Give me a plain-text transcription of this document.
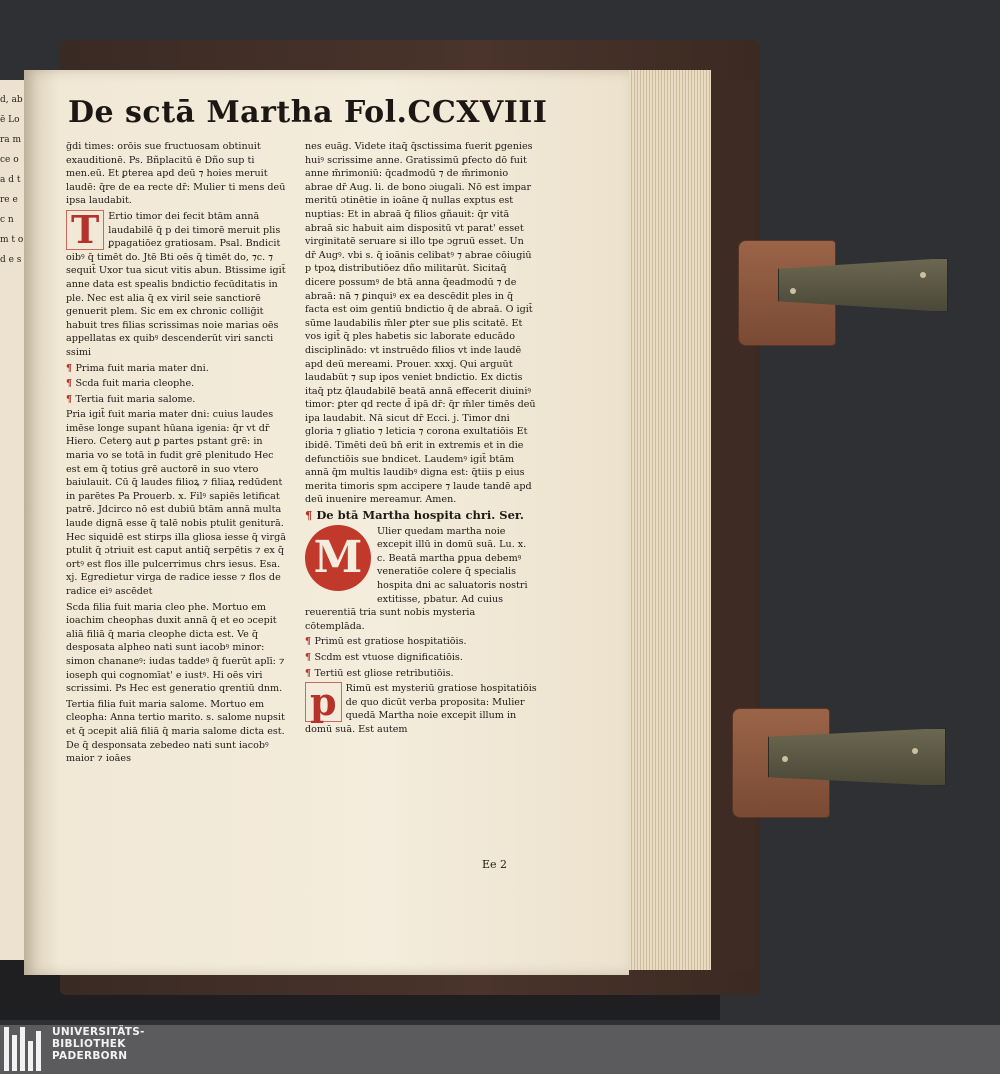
d, ab ē Lo ra m ce o a d t re e c n m t o d e s
De sctā Martha Fol.CCXVIII

ḡdi times: orōis sue fructuosam obtinuit exauditionē. Ps. Bñplacitū ē Dño sup ti men.eū. Et ꝑterea apd deū ⁊ hoies meruit laudē: q̄re de ea recte dr̄: Mulier ti mens deū ipsa laudabit.

T Ertio timor dei fecit btām annā laudabilē q̄ p dei timorē meruit plis ꝑpagatiōez gratiosam. Psal. Bndicit oibꝰ q̄ timēt do. Jtē Bti oēs q̄ timēt do, ⁊c. ⁊ sequit̄ Uxor tua sicut vitis abun. Btissime igit̄ anne data est spealis bndictio fecūditatis in ple. Nec est alia q̄ ex viril seie sanctiorē genuerit plem. Sic em ex chronic collig̃it habuit tres filias scrissimas noie marias oēs appellatas ex quibꝰ descenderūt viri sancti ssimi

¶ Prima fuit maria mater dni.

¶ Scda fuit maria cleophe.

¶ Tertia fuit maria salome.

Pria igit̄ fuit maria mater dni: cuius laudes imēse longe supant hūana igenia: q̄r vt dr̄ Hiero. Ceterꝯ aut ꝑ partes pstant grē: in maria vo se totā in fudit grē plenitudo Hec est em q̄ totius grē auctorē in suo vtero baiulauit. Cū q̄ laudes filioꝝ ⁊ filiaꝝ redūdent in parētes Pa Prouerb. x. Filꝰ sapiēs letificat patrē. Jdcirco nō est dubiū btām annā multa laude dignā esse q̄ talē nobis ptulit geniturā. Hec siquidē est stirps illa gliosa iesse q̄ virgā ptulit q̄ ɔtriuit est caput antiq̄ serpētis ⁊ ex q̄ ortꝰ est flos ille pulcerrimus chrs iesus. Esa. xj. Egredietur virga de radice iesse ⁊ flos de radice eiꝰ ascēdet

Scda filia fuit maria cleo phe. Mortuo em ioachim cheophas duxit annā q̄ et eo ɔcepit aliā filiā q̄ maria cleophe dicta est. Ve q̄ desposata alpheo nati sunt iacobꝰ minor: simon chananeꝰ: iudas taddeꝰ q̄ fuerūt aplī: ⁊ ioseph qui cognomīat' e iustꝰ. Hi oēs viri scrissimi. Ps Hec est generatio qrentiū dnm.

Tertia filia fuit maria salome. Mortuo em cleopha: Anna tertio marito. s. salome nupsit et q̄ ɔcepit aliā filiā q̄ maria salome dicta est. De q̄ desponsata zebedeo nati sunt iacobꝰ maior ⁊ ioāes

nes euāg. Videte itaq̄ q̄sctissima fuerit ꝑgenies huiꝰ scrissime anne. Gratissimū ꝑfecto dō fuit anne m̄rimoniū: q̄cadmodū ⁊ de m̄rimonio abrae dr̄ Aug. li. de bono ɔiugali. Nō est impar meritū ɔtinētie in ioāne q̄ nullas exptus est nuptias: Et in abraā q̄ filios gñauit: q̄r vitā abraā sic habuit aim dispositū vt parat' esset virginitatē seruare si illo tpe ɔgruū esset. Un dr̄ Augꝰ. vbi s. q̄ ioānis celibatꝰ ⁊ abrae cōiugiū p tpoꝝ distributiōez dño militarūt. Sicitaq̄ dicere possumꝰ de btā anna q̄eadmodū ⁊ de abraā: nā ⁊ ꝑinquiꝰ ex ea descēdit ples in q̄ facta est oim gentiū bndictio q̄ de abraā. O igit̄ sūme laudabilis m̄ler ꝑter sue plis scitatē. Et vos igit̄ q̄ ples habetis sic laborate educādo disciplinādo: vt instruēdo filios vt inde laudē apd deū mereami. Prouer. xxxj. Qui arguūt laudabūt ⁊ sup ipos veniet bndictio. Ex dictis itaq̄ ptz q̄laudabilē beatā annā effecerit diuiniꝰ timor: ꝑter qd recte d̄ ipā dr̄: q̄r m̄ler timēs deū ipa laudabit. Nā sicut dr̄ Ecci. j. Timor dni gloria ⁊ gliatio ⁊ leticia ⁊ corona exultatiōis Et ibidē. Timēti deū bn̄ erit in extremis et in die defunctiōis sue bndicet. Laudemꝰ igit̄ btām annā q̄m multis laudibꝰ digna est: q̄tiis p eius merita timoris spm accipere ⁊ laude tandē apd deū inuenire mereamur. Amen.

¶ De btā Martha hospita chri. Ser.

M
Ulier quedam martha noie excepit illū in domū suā. Lu. x. c. Beatā martha ꝑpua debemꝰ veneratiōe colere q̄ specialis hospita dni ac saluatoris nostri extitisse, pbatur. Ad cuius reuerentiā tria sunt nobis mysteria cōtemplāda.

¶ Primū est gratiose hospitatiōis.

¶ Scdm est vtuose dignificatiōis.

¶ Tertiū est gliose retributiōis.

p Rimū est mysteriū gratiose hospitatiōis de quo dicūt verba proposita: Mulier quedā Martha noie excepit illum in domū suā. Est autem

Ee 2
UNIVERSITÄTS-
BIBLIOTHEK
PADERBORN
